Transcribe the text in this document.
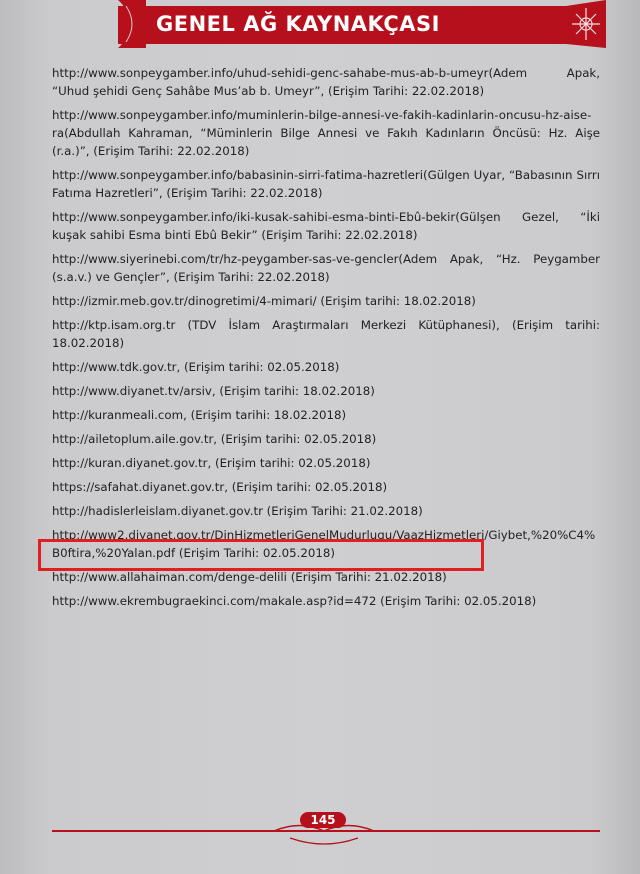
GENEL AĞ KAYNAKÇASI
http://www.sonpeygamber.info/uhud-sehidi-genc-sahabe-mus-ab-b-umeyr(Adem Apak, “Uhud şehidi Genç Sahâbe Mus’ab b. Umeyr”, (Erişim Tarihi: 22.02.2018)
http://www.sonpeygamber.info/muminlerin-bilge-annesi-ve-fakih-kadinlarin-oncusu-hz-aise-ra(Abdullah Kahraman, “Müminlerin Bilge Annesi ve Fakıh Kadınların Öncüsü: Hz. Aişe (r.a.)”, (Erişim Tarihi: 22.02.2018)
http://www.sonpeygamber.info/babasinin-sirri-fatima-hazretleri(Gülgen Uyar, “Babasının Sırrı Fatıma Hazretleri”, (Erişim Tarihi: 22.02.2018)
http://www.sonpeygamber.info/iki-kusak-sahibi-esma-binti-Ebû-bekir(Gülşen Gezel, “İki kuşak sahibi Esma binti Ebû Bekir” (Erişim Tarihi: 22.02.2018)
http://www.siyerinebi.com/tr/hz-peygamber-sas-ve-gencler(Adem Apak, “Hz. Peygamber (s.a.v.) ve Gençler”, (Erişim Tarihi: 22.02.2018)
http://izmir.meb.gov.tr/dinogretimi/4-mimari/ (Erişim tarihi: 18.02.2018)
http://ktp.isam.org.tr (TDV İslam Araştırmaları Merkezi Kütüphanesi), (Erişim tarihi: 18.02.2018)
http://www.tdk.gov.tr, (Erişim tarihi: 02.05.2018)
http://www.diyanet.tv/arsiv, (Erişim tarihi: 18.02.2018)
http://kuranmeali.com, (Erişim tarihi: 18.02.2018)
http://ailetoplum.aile.gov.tr, (Erişim tarihi: 02.05.2018)
http://kuran.diyanet.gov.tr, (Erişim tarihi: 02.05.2018)
https://safahat.diyanet.gov.tr, (Erişim tarihi: 02.05.2018)
http://hadislerleislam.diyanet.gov.tr (Erişim Tarihi: 21.02.2018)
http://www2.diyanet.gov.tr/DinHizmetleriGenelMudurlugu/VaazHizmetleri/Giybet,%20%C4%B0ftira,%20Yalan.pdf (Erişim Tarihi: 02.05.2018)
http://www.allahaiman.com/denge-delili (Erişim Tarihi: 21.02.2018)
http://www.ekrembugraekinci.com/makale.asp?id=472 (Erişim Tarihi: 02.05.2018)
145
